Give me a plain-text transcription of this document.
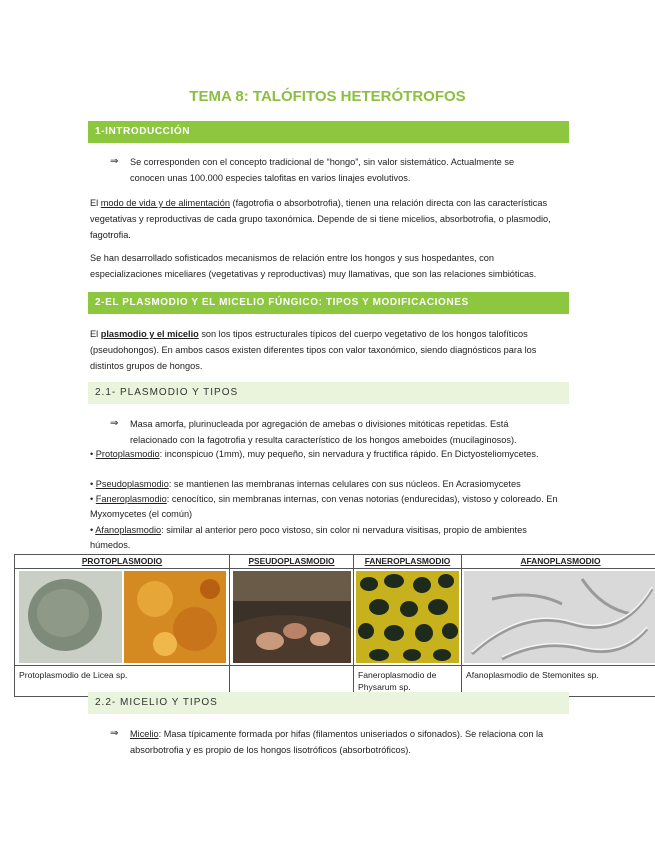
TEMA 8: TALÓFITOS HETERÓTROFOS
1-INTRODUCCIÓN
⇒ Se corresponden con el concepto tradicional de “hongo”, sin valor sistemático. Actualmente se conocen unas 100.000 especies talofitas en varios linajes evolutivos.
El modo de vida y de alimentación (fagotrofia o absorbotrofia), tienen una relación directa con las características vegetativas y reproductivas de cada grupo taxonómica. Depende de si tiene micelios, absorbotrofia, o plasmodio, fagotrofia.
Se han desarrollado sofisticados mecanismos de relación entre los hongos y sus hospedantes, con especializaciones miceliares (vegetativas y reproductivas) muy llamativas, que son las relaciones simbióticas.
2-EL PLASMODIO Y EL MICELIO FÚNGICO: TIPOS Y MODIFICACIONES
El plasmodio y el micelio son los tipos estructurales típicos del cuerpo vegetativo de los hongos talofíticos (pseudohongos). En ambos casos existen diferentes tipos con valor taxonómico, siendo diagnósticos para los distintos grupos de hongos.
2.1- PLASMODIO Y TIPOS
⇒ Masa amorfa, plurinucleada por agregación de amebas o divisiones mitóticas repetidas. Está relacionado con la fagotrofia y resulta característico de los hongos ameboides (mucilaginosos).
• Protoplasmodio: inconspicuo (1mm), muy pequeño, sin nervadura y fructifica rápido. En Dictyosteliomycetes.
• Pseudoplasmodio: se mantienen las membranas internas celulares con sus núcleos. En Acrasiomycetes
• Faneroplasmodio: cenocítico, sin membranas internas, con venas notorias (endurecidas), vistoso y coloreado. En Myxomycetes (el común)
• Afanoplasmodio: similar al anterior pero poco vistoso, sin color ni nervadura visitisas, propio de ambientes húmedos.
PROTOPLASMODIO	PSEUDOPLASMODIO	FANEROPLASMODIO	AFANOPLASMODIO

Protoplasmodio de Licea sp.		Faneroplasmodio de Physarum sp.	Afanoplasmodio de Stemonites sp.
2.2- MICELIO Y TIPOS
⇒ Micelio: Masa típicamente formada por hifas (filamentos uniseriados o sifonados). Se relaciona con la absorbotrofia y es propio de los hongos lisotróficos (absorbotróficos).
